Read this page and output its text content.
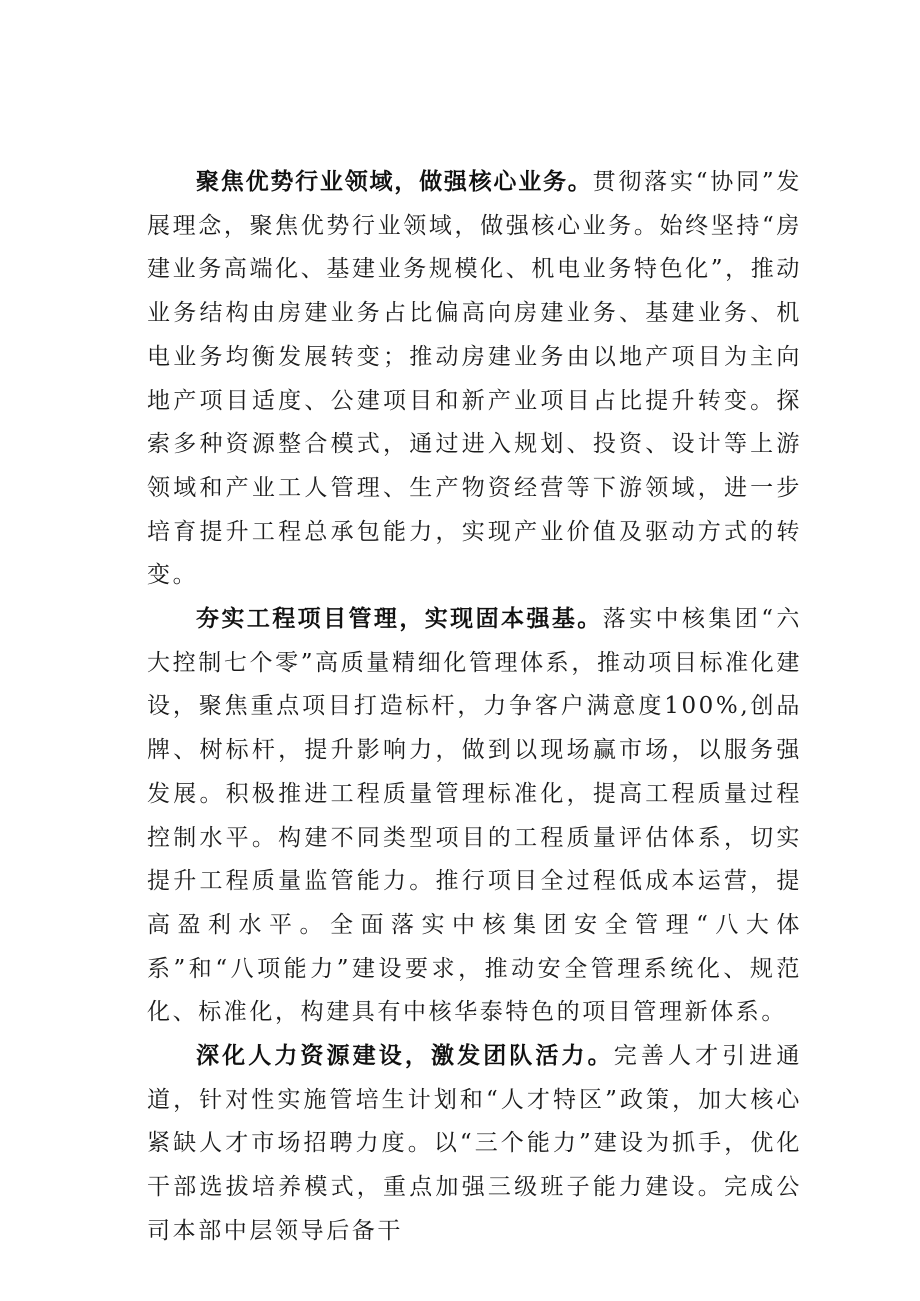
聚焦优势行业领域，做强核心业务。贯彻落实“协同”发展理念，聚焦优势行业领域，做强核心业务。始终坚持“房建业务高端化、基建业务规模化、机电业务特色化”，推动业务结构由房建业务占比偏高向房建业务、基建业务、机电业务均衡发展转变；推动房建业务由以地产项目为主向地产项目适度、公建项目和新产业项目占比提升转变。探索多种资源整合模式，通过进入规划、投资、设计等上游领域和产业工人管理、生产物资经营等下游领域，进一步培育提升工程总承包能力，实现产业价值及驱动方式的转变。

夯实工程项目管理，实现固本强基。落实中核集团“六大控制七个零”高质量精细化管理体系，推动项目标准化建设，聚焦重点项目打造标杆，力争客户满意度100%,创品牌、树标杆，提升影响力，做到以现场赢市场，以服务强发展。积极推进工程质量管理标准化，提高工程质量过程控制水平。构建不同类型项目的工程质量评估体系，切实提升工程质量监管能力。推行项目全过程低成本运营，提高盈利水平。全面落实中核集团安全管理“八大体系”和“八项能力”建设要求，推动安全管理系统化、规范化、标准化，构建具有中核华泰特色的项目管理新体系。

深化人力资源建设，激发团队活力。完善人才引进通道，针对性实施管培生计划和“人才特区”政策，加大核心紧缺人才市场招聘力度。以“三个能力”建设为抓手，优化干部选拔培养模式，重点加强三级班子能力建设。完成公司本部中层领导后备干
